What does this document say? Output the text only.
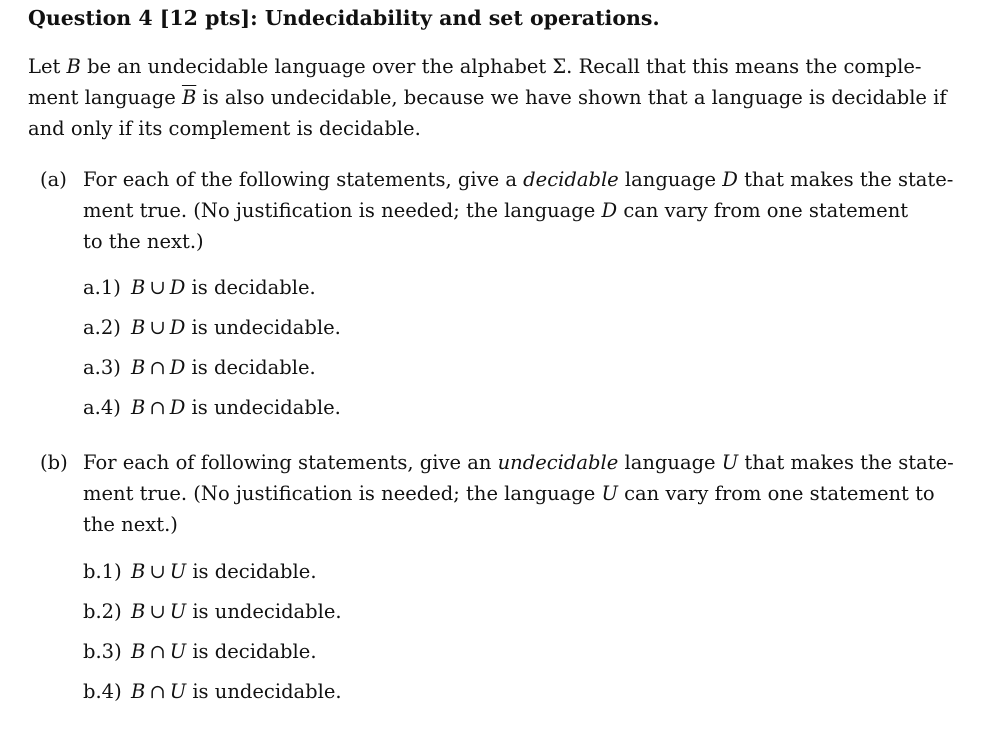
Question 4 [12 pts]: Undecidability and set operations.
Let B be an undecidable language over the alphabet Σ. Recall that this means the comple-
ment language $\overline{B}$ is also undecidable, because we have shown that a language is decidable if
and only if its complement is decidable.
(a) For each of the following statements, give a decidable language D that makes the state-
ment true. (No justification is needed; the language D can vary from one statement
to the next.)
a.1) B ∪ D is decidable.
a.2) B ∪ D is undecidable.
a.3) B ∩ D is decidable.
a.4) B ∩ D is undecidable.
(b) For each of following statements, give an undecidable language U that makes the state-
ment true. (No justification is needed; the language U can vary from one statement to
the next.)
b.1) B ∪ U is decidable.
b.2) B ∪ U is undecidable.
b.3) B ∩ U is decidable.
b.4) B ∩ U is undecidable.
